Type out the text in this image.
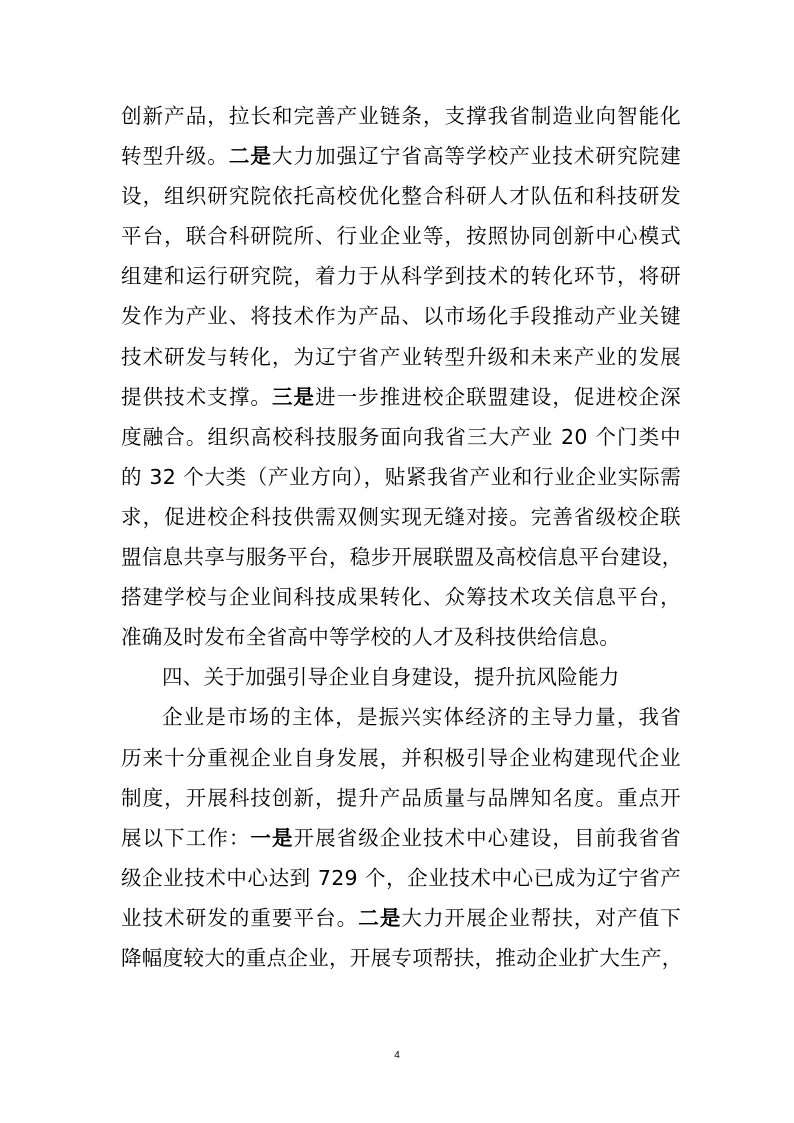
创新产品，拉长和完善产业链条，支撑我省制造业向智能化
转型升级。二是大力加强辽宁省高等学校产业技术研究院建
设，组织研究院依托高校优化整合科研人才队伍和科技研发
平台，联合科研院所、行业企业等，按照协同创新中心模式
组建和运行研究院，着力于从科学到技术的转化环节，将研
发作为产业、将技术作为产品、以市场化手段推动产业关键
技术研发与转化，为辽宁省产业转型升级和未来产业的发展
提供技术支撑。三是进一步推进校企联盟建设，促进校企深
度融合。组织高校科技服务面向我省三大产业 20 个门类中
的 32 个大类（产业方向），贴紧我省产业和行业企业实际需
求，促进校企科技供需双侧实现无缝对接。完善省级校企联
盟信息共享与服务平台，稳步开展联盟及高校信息平台建设，
搭建学校与企业间科技成果转化、众筹技术攻关信息平台，
准确及时发布全省高中等学校的人才及科技供给信息。
四、关于加强引导企业自身建设，提升抗风险能力
企业是市场的主体，是振兴实体经济的主导力量，我省
历来十分重视企业自身发展，并积极引导企业构建现代企业
制度，开展科技创新，提升产品质量与品牌知名度。重点开
展以下工作：一是开展省级企业技术中心建设，目前我省省
级企业技术中心达到 729 个，企业技术中心已成为辽宁省产
业技术研发的重要平台。二是大力开展企业帮扶，对产值下
降幅度较大的重点企业，开展专项帮扶，推动企业扩大生产，
4
